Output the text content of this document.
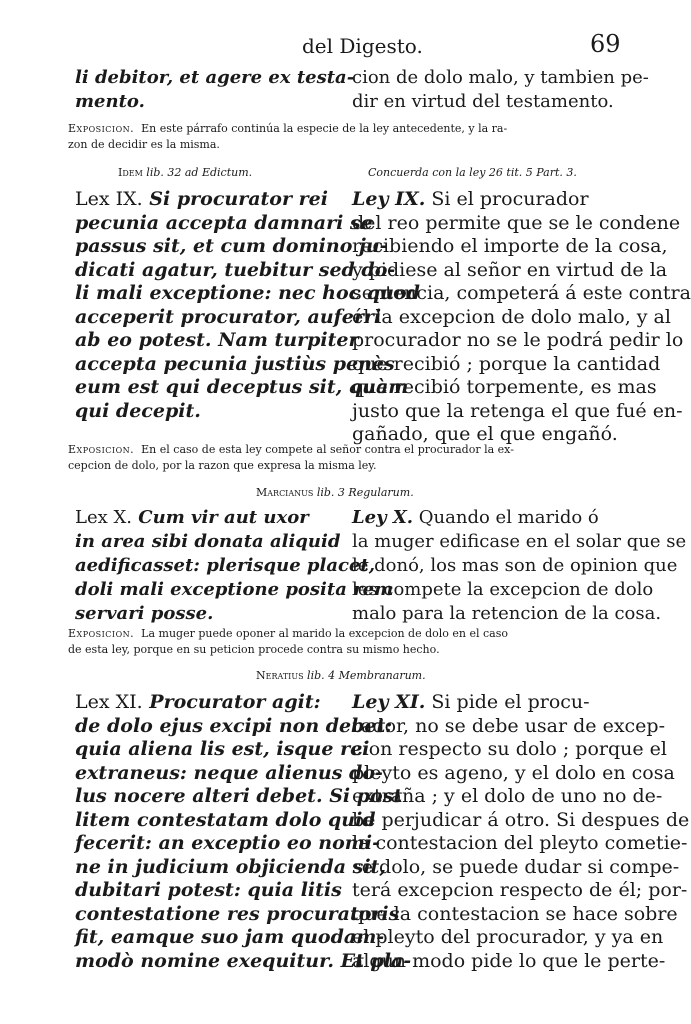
del Digesto.	69
li debitor, et agere ex testa-
mento.
cion de dolo malo, y tambien pe-
dir en virtud del testamento.
Exposicion. En este párrafo continúa la especie de la ley antecedente, y la ra-
zon de decidir es la misma.
Idem lib. 32 ad Edictum.	Concuerda con la ley 26 tit. 5 Part. 3.
Lex IX. Si procurator rei
pecunia accepta damnari se
passus sit, et cum domino ju-
dicati agatur, tuebitur sed do-
li mali exceptione: nec hoc quod
acceperit procurator, auferri
ab eo potest. Nam turpiter
accepta pecunia justiùs penès
eum est qui deceptus sit, quàm
qui decepit.
Ley IX. Si el procurador
del reo permite que se le condene
recibiendo el importe de la cosa,
y pidiese al señor en virtud de la
sentencia, competerá á este contra
él la excepcion de dolo malo, y al
procurador no se le podrá pedir lo
que recibió ; porque la cantidad
que recibió torpemente, es mas
justo que la retenga el que fué en-
gañado, que el que engañó.
Exposicion. En el caso de esta ley compete al señor contra el procurador la ex-
cepcion de dolo, por la razon que expresa la misma ley.
Marcianus lib. 3 Regularum.
Lex X. Cum vir aut uxor
in area sibi donata aliquid
aedificasset: plerisque placet,
doli mali exceptione posita rem
servari posse.
Ley X. Quando el marido ó
la muger edificase en el solar que se
le donó, los mas son de opinion que
les compete la excepcion de dolo
malo para la retencion de la cosa.
Exposicion. La muger puede oponer al marido la excepcion de dolo en el caso
de esta ley, porque en su peticion procede contra su mismo hecho.
Neratius lib. 4 Membranarum.
Lex XI. Procurator agit:
de dolo ejus excipi non debet:
quia aliena lis est, isque rei
extraneus: neque alienus do-
lus nocere alteri debet. Si post
litem contestatam dolo quid
fecerit: an exceptio eo nomi-
ne in judicium objicienda sit,
dubitari potest: quia litis
contestatione res procuratoris
fit, eamque suo jam quodam-
modò nomine exequitur. Et pla-
Ley XI. Si pide el procu-
rador, no se debe usar de excep-
cion respecto su dolo ; porque el
pleyto es ageno, y el dolo en cosa
extraña ; y el dolo de uno no de-
be perjudicar á otro. Si despues de
la contestacion del pleyto cometie-
se dolo, se puede dudar si compe-
terá excepcion respecto de él; por-
que la contestacion se hace sobre
el pleyto del procurador, y ya en
algun modo pide lo que le perte-
